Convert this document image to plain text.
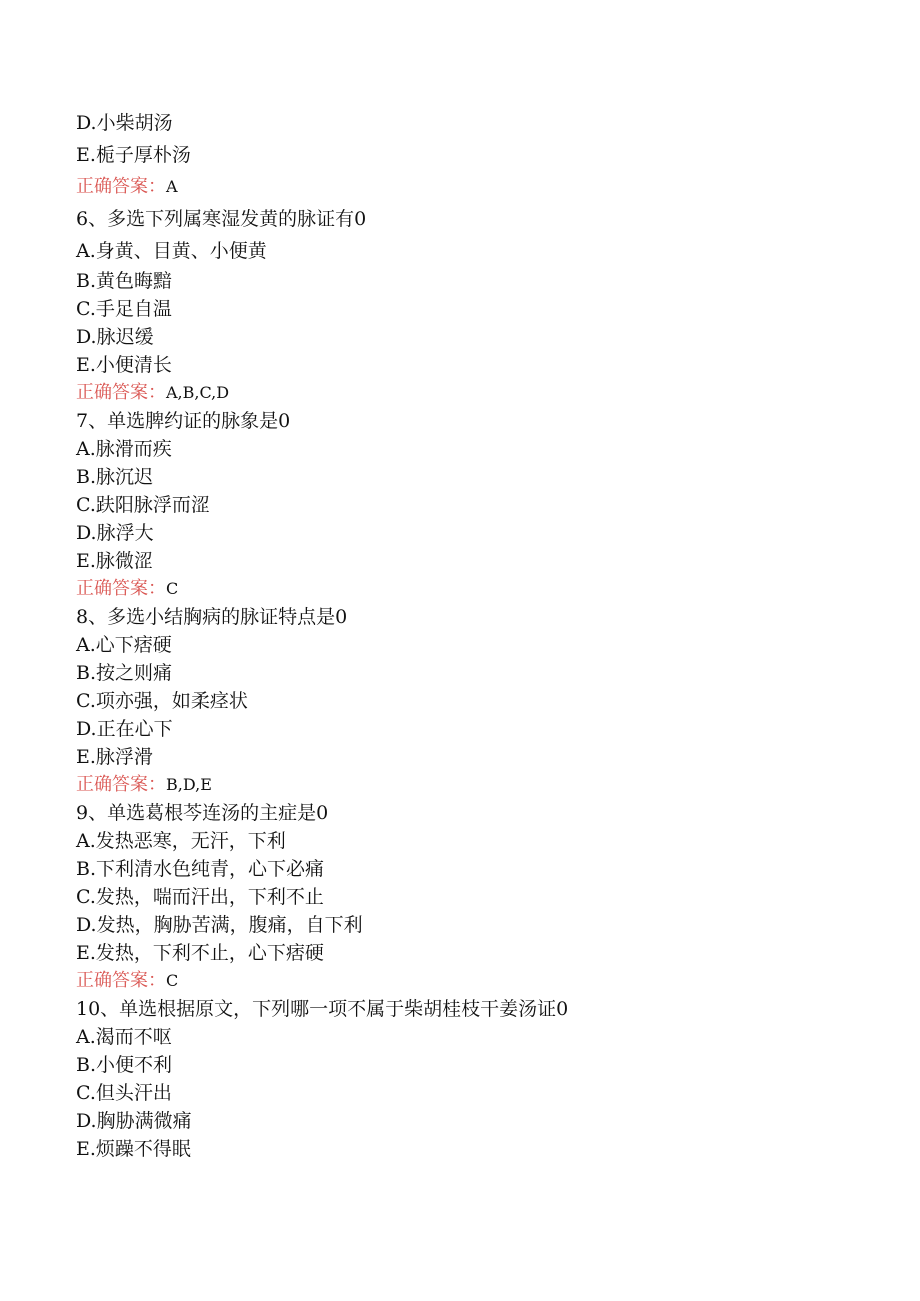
D.小柴胡汤
E.栀子厚朴汤
正确答案：A
6、多选下列属寒湿发黄的脉证有0
A.身黄、目黄、小便黄
B.黄色晦黯
C.手足自温
D.脉迟缓
E.小便清长
正确答案：A,B,C,D
7、单选脾约证的脉象是0
A.脉滑而疾
B.脉沉迟
C.趺阳脉浮而涩
D.脉浮大
E.脉微涩
正确答案：C
8、多选小结胸病的脉证特点是0
A.心下痞硬
B.按之则痛
C.项亦强，如柔痉状
D.正在心下
E.脉浮滑
正确答案：B,D,E
9、单选葛根芩连汤的主症是0
A.发热恶寒，无汗，下利
B.下利清水色纯青，心下必痛
C.发热，喘而汗出，下利不止
D.发热，胸胁苦满，腹痛，自下利
E.发热，下利不止，心下痞硬
正确答案：C
10、单选根据原文，下列哪一项不属于柴胡桂枝干姜汤证0
A.渴而不呕
B.小便不利
C.但头汗出
D.胸胁满微痛
E.烦躁不得眠
